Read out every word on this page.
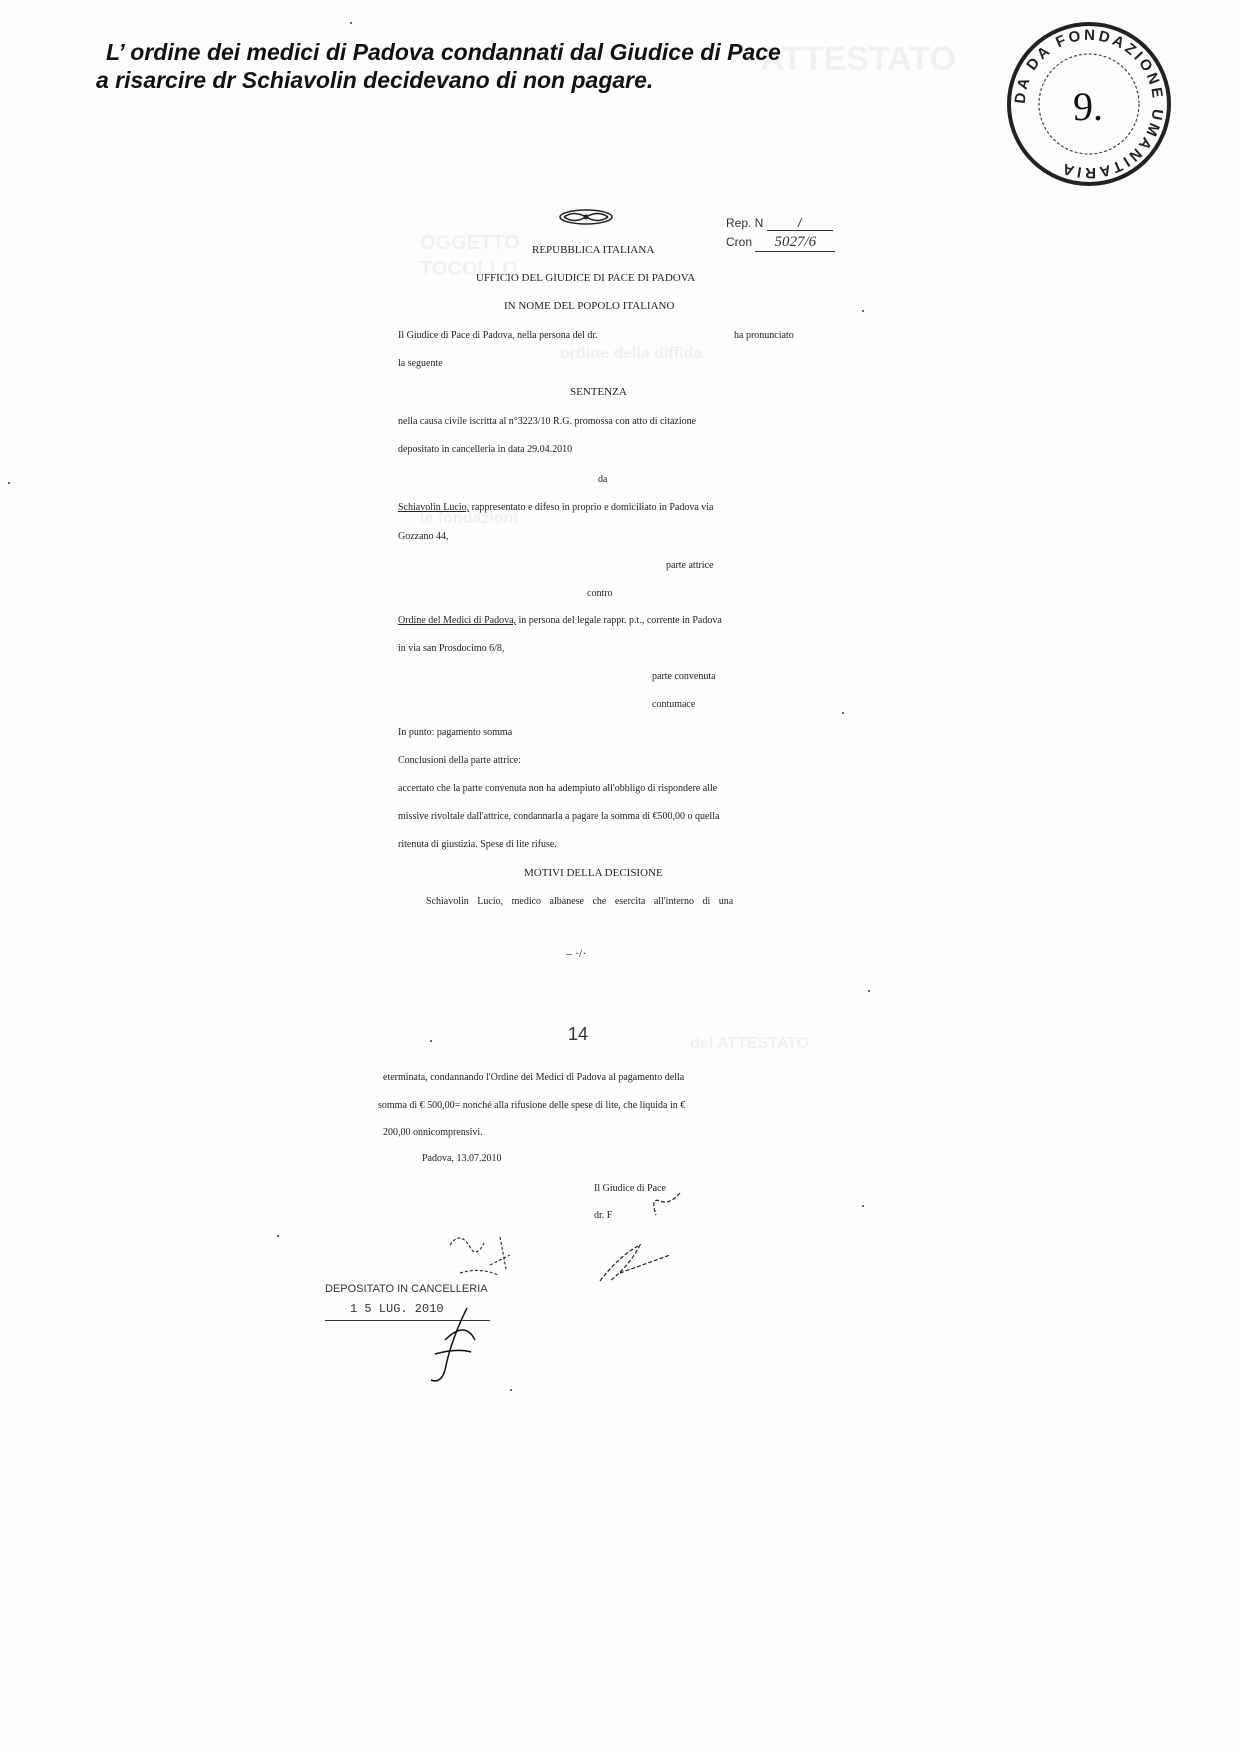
ATTESTATO
OGGETTO
TOCOLLO
ordine della diffida
le fondazioni
del ATTESTATO
L’ ordine dei medici di Padova condannati dal Giudice di Pace

a risarcire dr Schiavolin decidevano di non pagare.
DA DA FONDAZIONE UMANITARIA
9.
Rep. N	/
Cron 5027/6
REPUBBLICA ITALIANA
UFFICIO DEL GIUDICE DI PACE DI PADOVA
IN NOME DEL POPOLO ITALIANO
Il Giudice di Pace di Padova, nella persona del dr.	ha pronunciato
la seguente
SENTENZA
nella causa civile iscritta al n°3223/10 R.G. promossa con atto di citazione
depositato in cancelleria in data 29.04.2010
da
Schiavolin Lucio, rappresentato e difeso in proprio e domiciliato in Padova via
Gozzano 44,
parte attrice
contro
Ordine del Medici di Padova, in persona del legale rappr. p.t., corrente in Padova
in via san Prosdocimo 6/8,
parte convenuta
contumace
In punto: pagamento somma
Conclusioni della parte attrice:
accertato che la parte convenuta non ha adempiuto all'obbligo di rispondere alle
missive rivoltale dall'attrice, condannarla a pagare la somma di €500,00 o quella
ritenuta di giustizia. Spese di lite rifuse.
MOTIVI DELLA DECISIONE
Schiavolin Lucio, medico albanese che esercita all'interno di una
– ·/·
14
eterminata, condannando l'Ordine dei Medici di Padova al pagamento della
somma di € 500,00= nonché alla rifusione delle spese di lite, che liquida in €
200,00 onnicomprensivi.
Padova, 13.07.2010
Il Giudice di Pace
dr. F
DEPOSITATO IN CANCELLERIA
1 5 LUG. 2010
